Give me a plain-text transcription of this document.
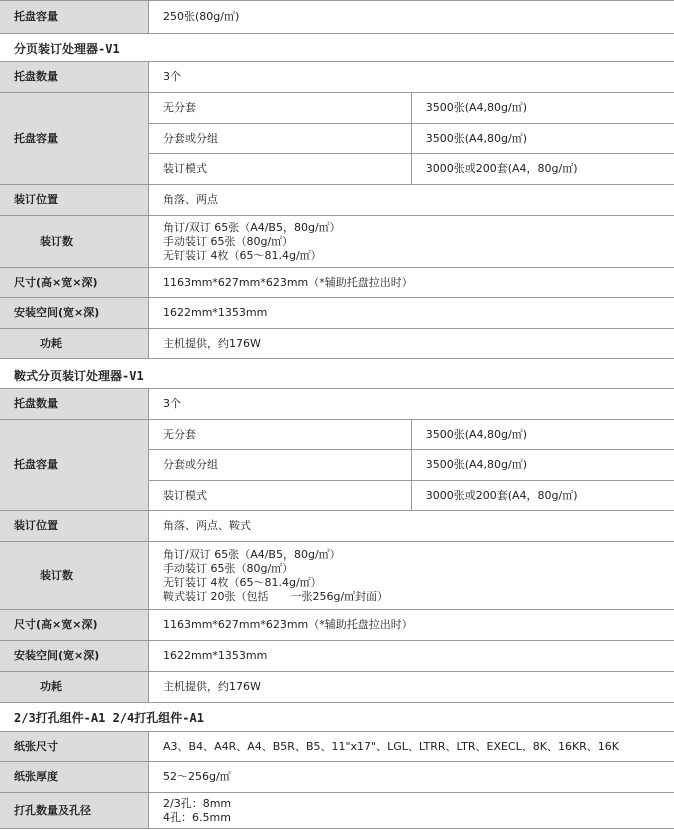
托盘容量	250张(80g/㎡)
分页装订处理器-V1
托盘数量	3个	
托盘容量	无分套	3500张(A4,80g/㎡)
	分套或分组	3500张(A4,80g/㎡)
	装订模式	3000张或200套(A4，80g/㎡)
装订位置	角落、两点	
装订数	角订/双订 65张（A4/B5，80g/㎡）
手动装订 65张（80g/㎡）
无钉装订 4枚（65～81.4g/㎡）	

尺寸(高×宽×深)	1163mm*627mm*623mm（*辅助托盘拉出时）	
安装空间(宽×深)	1622mm*1353mm	
功耗	主机提供，约176W	
鞍式分页装订处理器-V1
托盘数量	3个	
托盘容量	无分套	3500张(A4,80g/㎡)
	分套或分组	3500张(A4,80g/㎡)
	装订模式	3000张或200套(A4，80g/㎡)
装订位置	角落、两点、鞍式	
装订数	角订/双订 65张（A4/B5，80g/㎡）
手动装订 65张（80g/㎡）
无钉装订 4枚（65～81.4g/㎡）
鞍式装订 20张（包括　　一张256g/㎡封面）	

尺寸(高×宽×深)	1163mm*627mm*623mm（*辅助托盘拉出时）	
安装空间(宽×深)	1622mm*1353mm	
功耗	主机提供，约176W	
2/3打孔组件-A1 2/4打孔组件-A1
纸张尺寸	A3、B4、A4R、A4、B5R、B5、11"x17"、LGL、LTRR、LTR、EXECL、8K、16KR、16K
纸张厚度	52～256g/㎡
打孔数量及孔径	2/3孔：8mm
4孔：6.5mm
